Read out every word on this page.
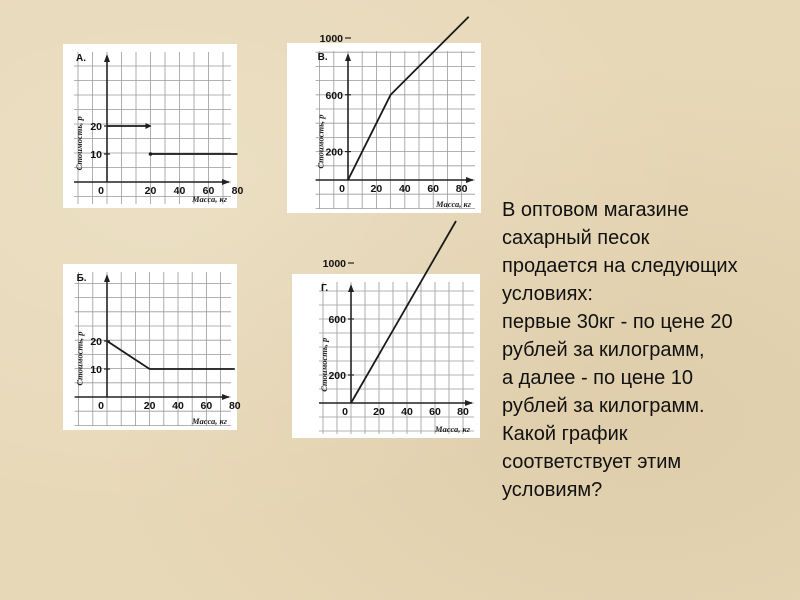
А.
Стоимость, р
Масса, кг
0	20 40 60 80
10
20
В.
Стоимость, р
Масса, кг
0 20 40 60 80
200
600
1000
Б.
Стоимость, р
Масса, кг
0	20 40 60 80
10
20
Г.
Стоимость, р
Масса, кг
0 20 40 60 80
200
1000
600
В оптовом магазине
сахарный песок
продается на следующих
условиях:
первые 30кг - по цене 20
рублей за килограмм,
а далее - по цене 10
рублей за килограмм.
Какой график
соответствует этим
условиям?
